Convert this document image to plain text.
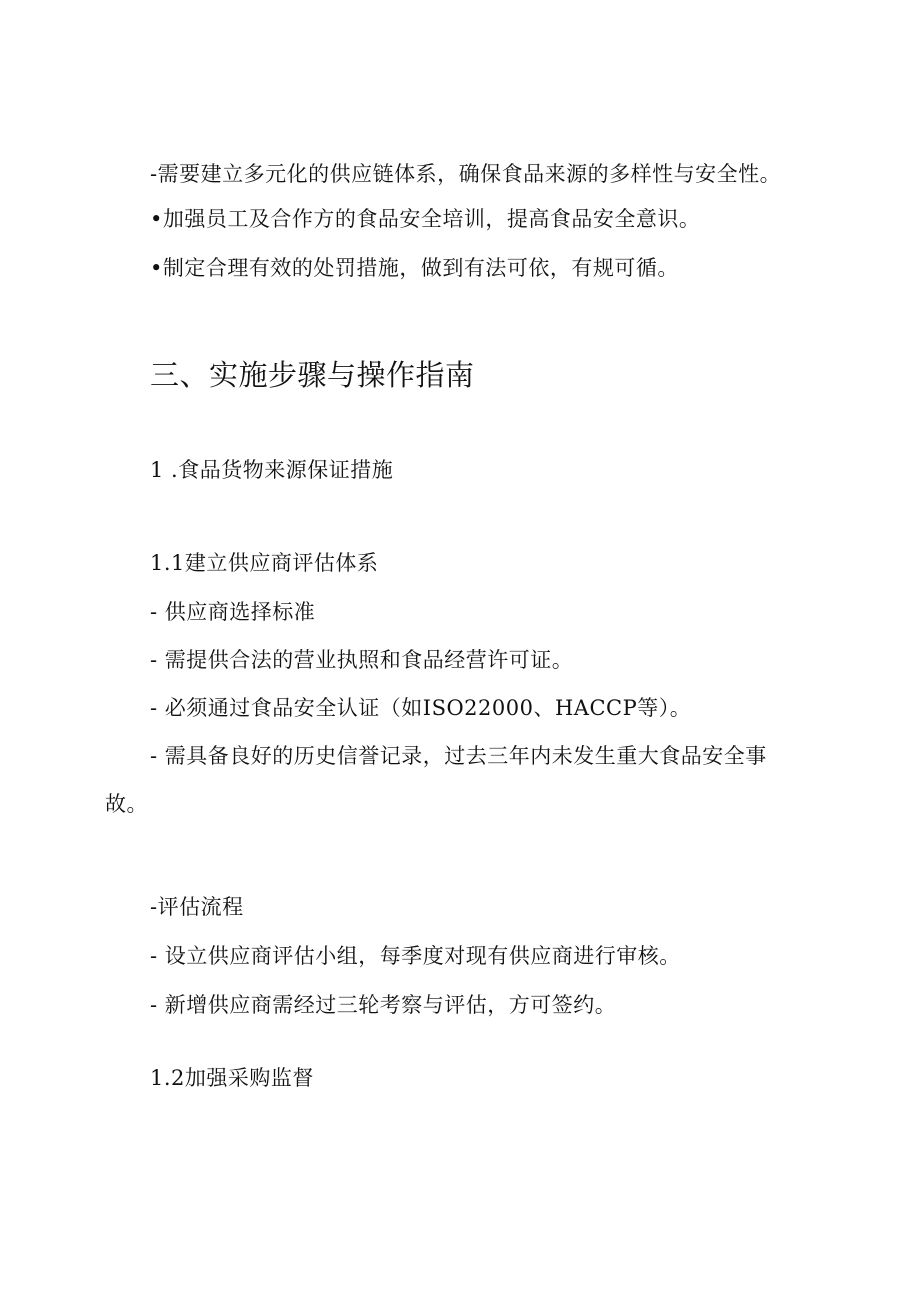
-需要建立多元化的供应链体系，确保食品来源的多样性与安全性。
•加强员工及合作方的食品安全培训，提高食品安全意识。
•制定合理有效的处罚措施，做到有法可依，有规可循。
三、实施步骤与操作指南
1 .食品货物来源保证措施
1.1建立供应商评估体系
- 供应商选择标准
- 需提供合法的营业执照和食品经营许可证。
- 必须通过食品安全认证（如ISO22000、HACCP等）。
- 需具备良好的历史信誉记录，过去三年内未发生重大食品安全事
故。
-评估流程
- 设立供应商评估小组，每季度对现有供应商进行审核。
- 新增供应商需经过三轮考察与评估，方可签约。
1.2加强采购监督
